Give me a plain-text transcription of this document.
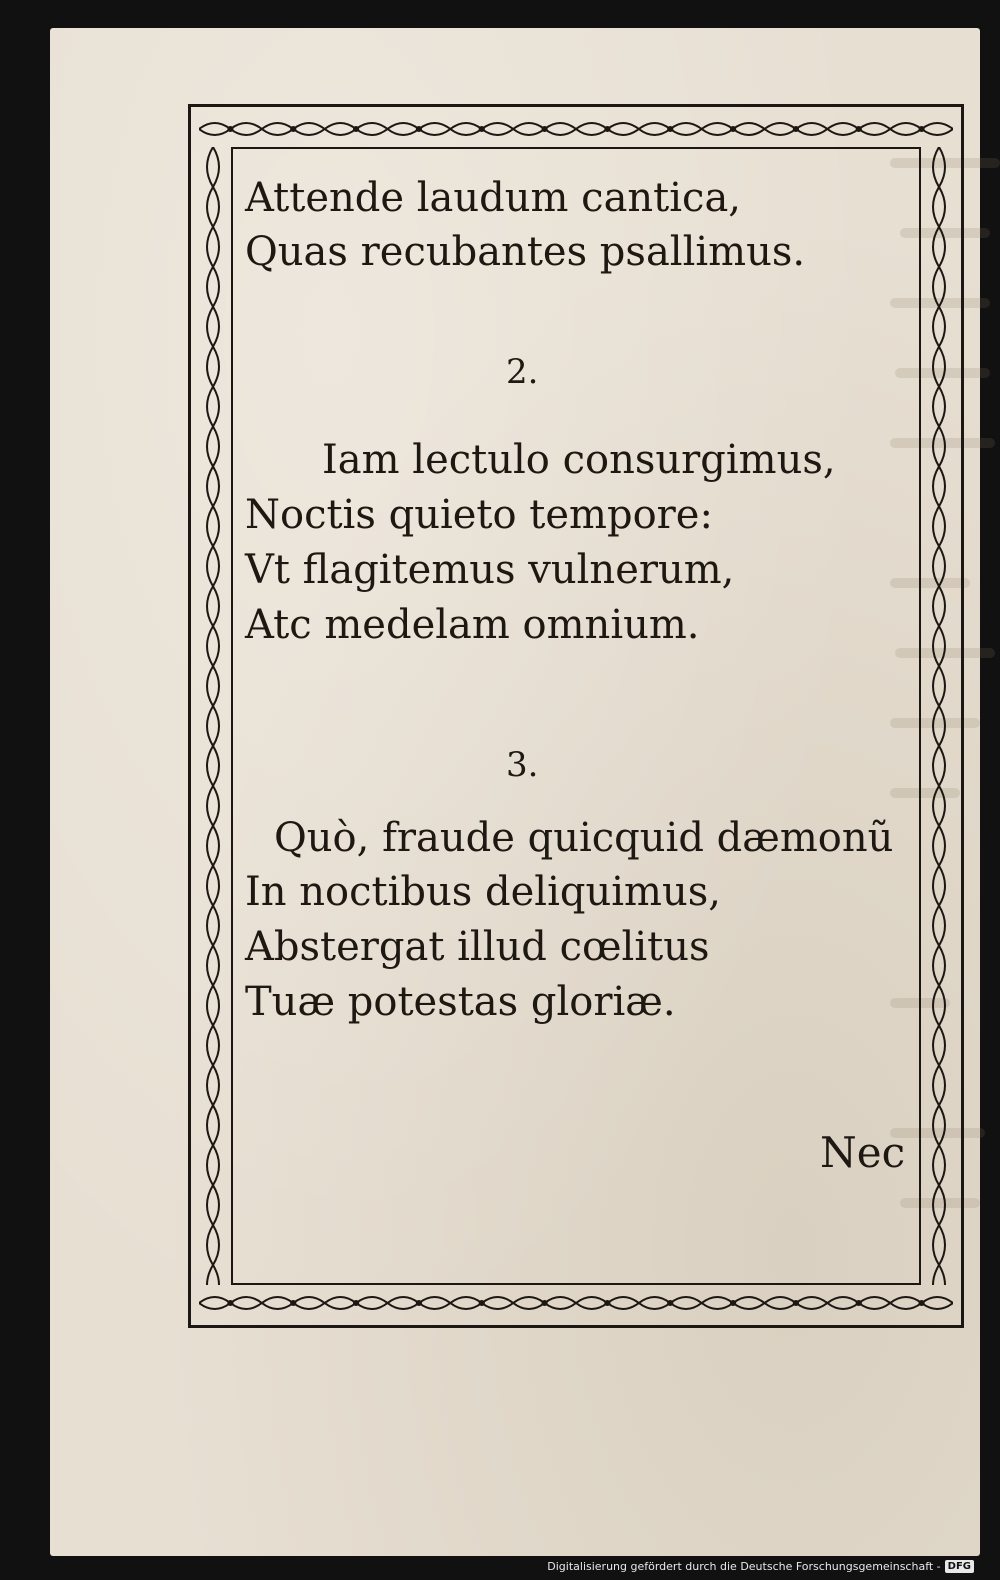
Attende laudum cantica,
Quas recubantes psallimus.
2.
Iam lectulo consurgimus,
Noctis quieto tempore:
Vt flagitemus vulnerum,
Atc medelam omnium.
3.
Quò, fraude quicquid dæmonũ
In noctibus deliquimus,
Abstergat illud cœlitus
Tuæ potestas gloriæ.
Nec
Digitalisierung gefördert durch die Deutsche Forschungsgemeinschaft - DFG
